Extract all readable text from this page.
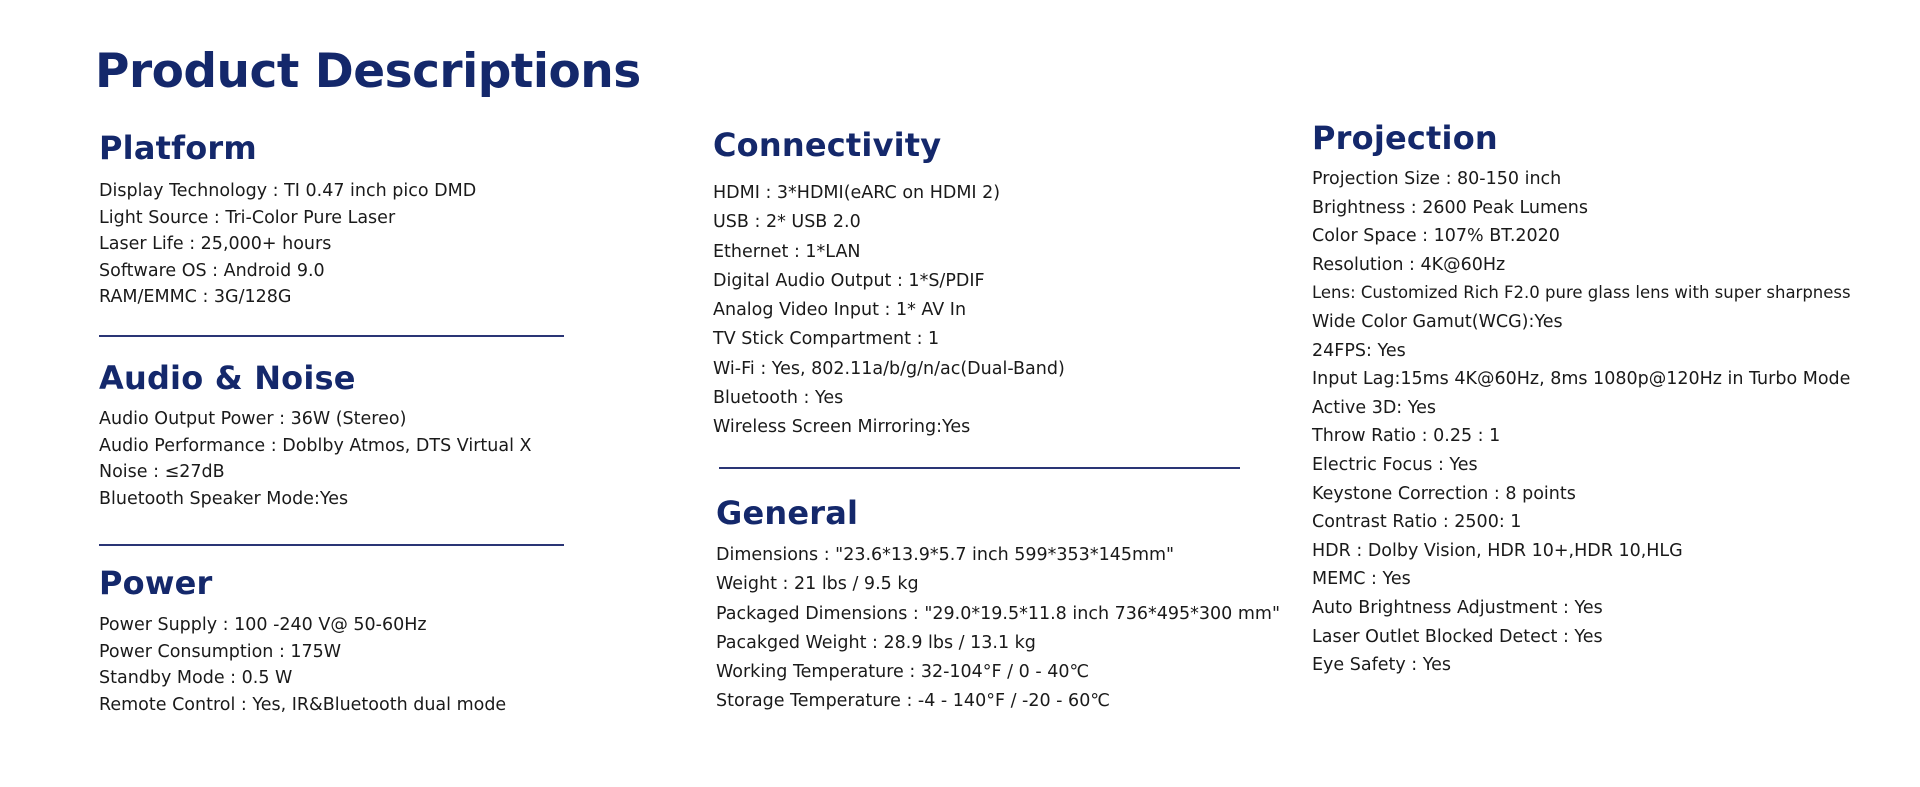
Product Descriptions
Platform
Display Technology : TI 0.47 inch pico DMD
Light Source : Tri-Color Pure Laser
Laser Life : 25,000+ hours
Software OS : Android 9.0
RAM/EMMC : 3G/128G
Audio & Noise
Audio Output Power : 36W (Stereo)
Audio Performance : Doblby Atmos, DTS Virtual X
Noise : ≤27dB
Bluetooth Speaker Mode:Yes
Power
Power Supply : 100 -240 V@ 50-60Hz
Power Consumption : 175W
Standby Mode : 0.5 W
Remote Control : Yes, IR&Bluetooth dual mode
Connectivity
HDMI : 3*HDMI(eARC on HDMI 2)
USB : 2* USB 2.0
Ethernet : 1*LAN
Digital Audio Output : 1*S/PDIF
Analog Video Input : 1* AV In
TV Stick Compartment : 1
Wi-Fi : Yes, 802.11a/b/g/n/ac(Dual-Band)
Bluetooth : Yes
Wireless Screen Mirroring:Yes
General
Dimensions : "23.6*13.9*5.7 inch 599*353*145mm"
Weight : 21 lbs / 9.5 kg
Packaged Dimensions : "29.0*19.5*11.8 inch 736*495*300 mm"
Pacakged Weight : 28.9 lbs / 13.1 kg
Working Temperature : 32-104°F / 0 - 40℃
Storage Temperature : -4 - 140°F / -20 - 60℃
Projection
Projection Size : 80-150 inch
Brightness : 2600 Peak Lumens
Color Space : 107% BT.2020
Resolution : 4K@60Hz
Lens: Customized Rich F2.0 pure glass lens with super sharpness
Wide Color Gamut(WCG):Yes
24FPS: Yes
Input Lag:15ms 4K@60Hz, 8ms 1080p@120Hz in Turbo Mode
Active 3D: Yes
Throw Ratio : 0.25 : 1
Electric Focus : Yes
Keystone Correction : 8 points
Contrast Ratio : 2500: 1
HDR : Dolby Vision, HDR 10+,HDR 10,HLG
MEMC : Yes
Auto Brightness Adjustment : Yes
Laser Outlet Blocked Detect : Yes
Eye Safety : Yes
